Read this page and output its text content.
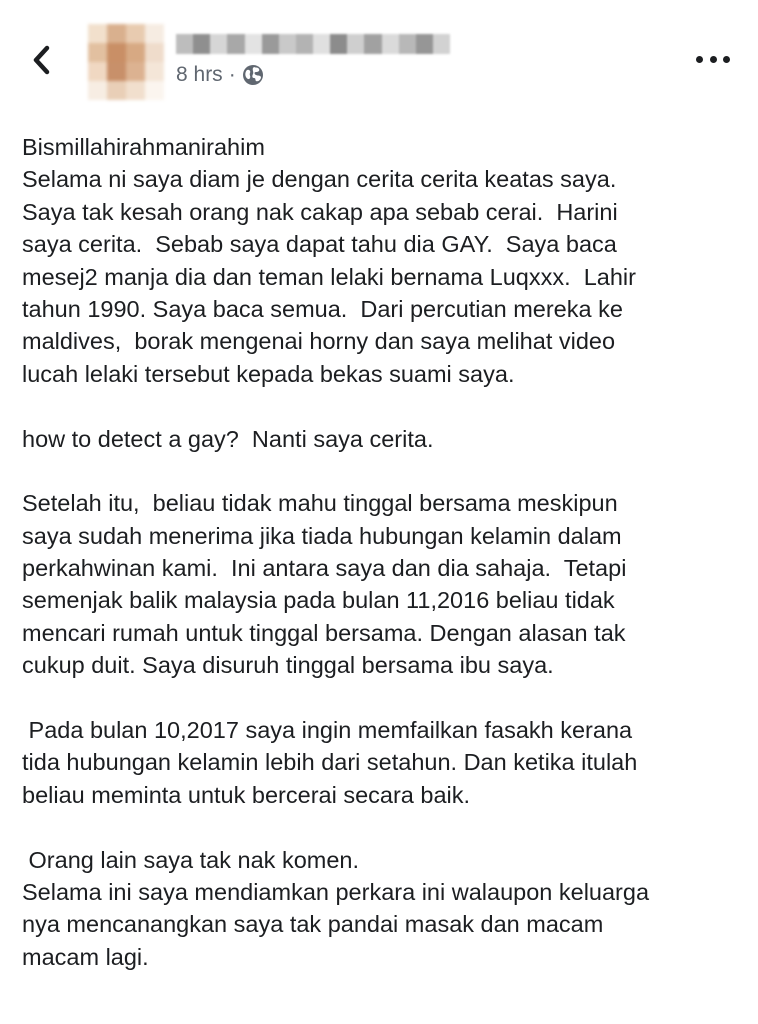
8 hrs ·
Bismillahirahmanirahim
Selama ni saya diam je dengan cerita cerita keatas saya.
Saya tak kesah orang nak cakap apa sebab cerai.  Harini
saya cerita.  Sebab saya dapat tahu dia GAY.  Saya baca
mesej2 manja dia dan teman lelaki bernama Luqxxx.  Lahir
tahun 1990. Saya baca semua.  Dari percutian mereka ke
maldives,  borak mengenai horny dan saya melihat video
lucah lelaki tersebut kepada bekas suami saya.
how to detect a gay?  Nanti saya cerita.
Setelah itu,  beliau tidak mahu tinggal bersama meskipun
saya sudah menerima jika tiada hubungan kelamin dalam
perkahwinan kami.  Ini antara saya dan dia sahaja.  Tetapi
semenjak balik malaysia pada bulan 11,2016 beliau tidak
mencari rumah untuk tinggal bersama. Dengan alasan tak
cukup duit. Saya disuruh tinggal bersama ibu saya.
Pada bulan 10,2017 saya ingin memfailkan fasakh kerana
tida hubungan kelamin lebih dari setahun. Dan ketika itulah
beliau meminta untuk bercerai secara baik.
Orang lain saya tak nak komen.
Selama ini saya mendiamkan perkara ini walaupon keluarga
nya mencanangkan saya tak pandai masak dan macam
macam lagi.
